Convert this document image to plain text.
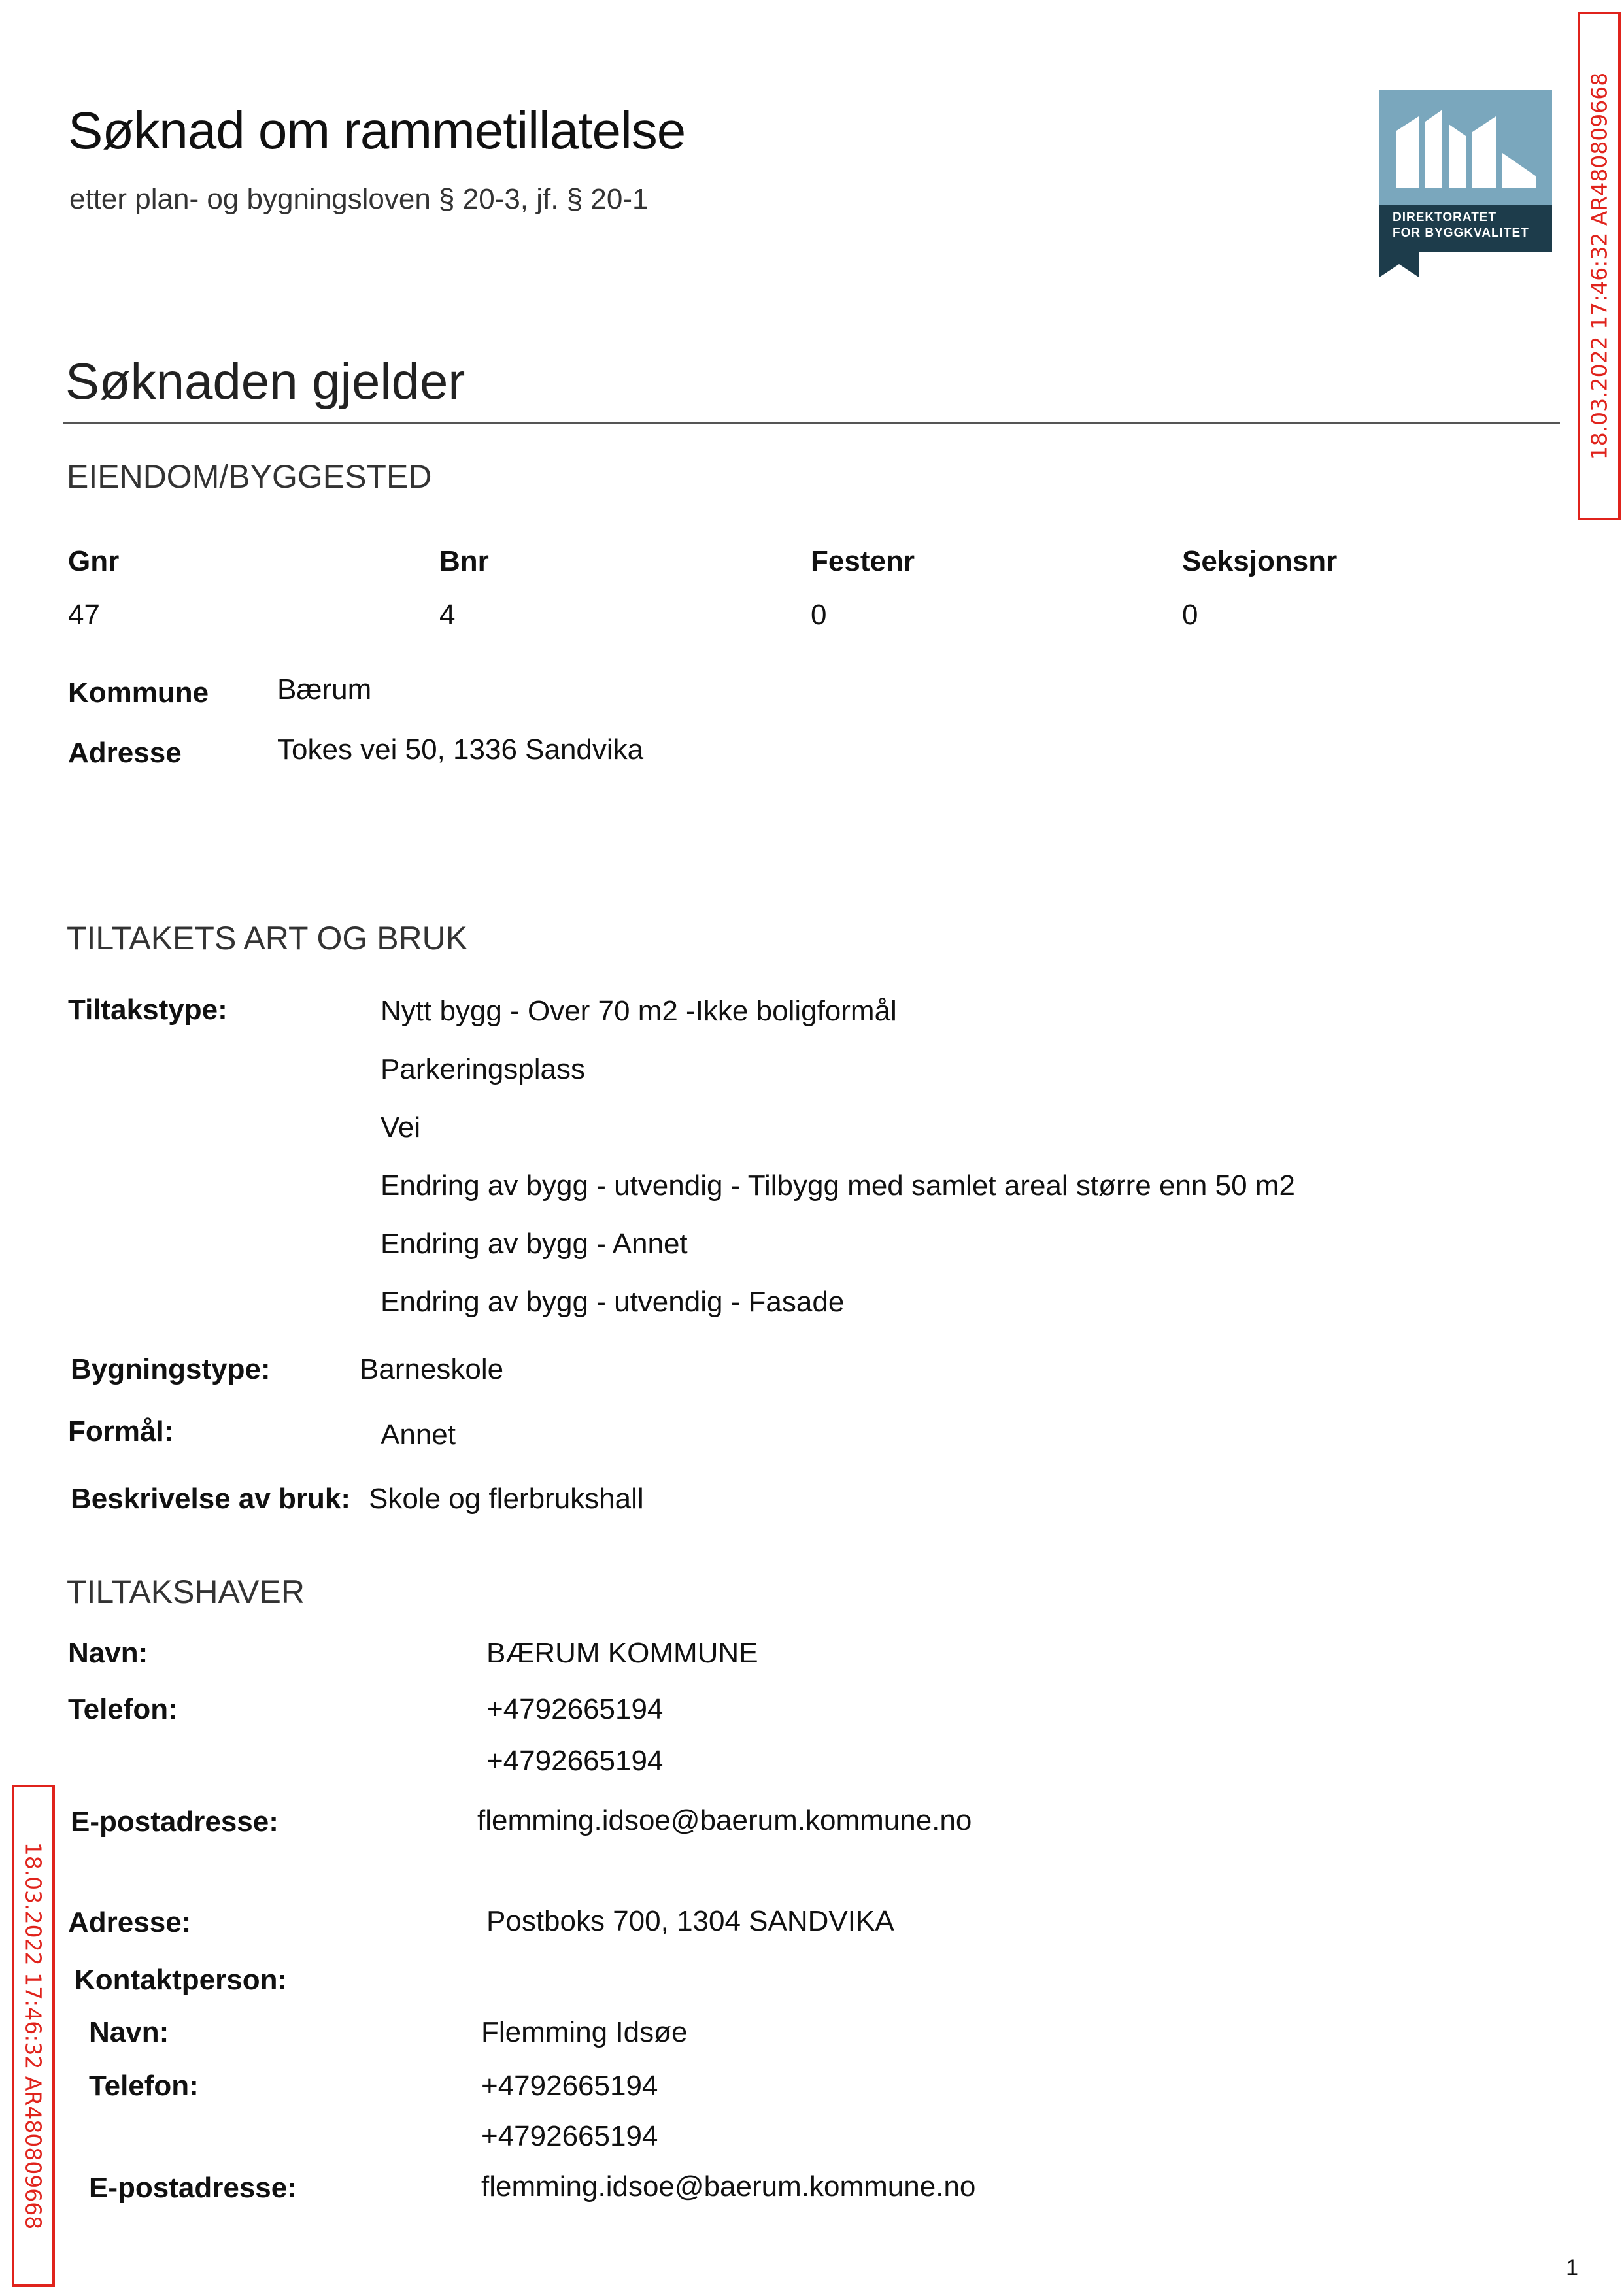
Søknad om rammetillatelse
etter plan- og bygningsloven § 20-3, jf. § 20-1
DIREKTORATET
FOR BYGGKVALITET	18.03.2022 17:46:32 AR480809668
18.03.2022 17:46:32 AR480809668
Søknaden gjelder
EIENDOM/BYGGESTED
Gnr	Bnr	Festenr	Seksjonsnr
47	4	0	0
Kommune Bærum
Adresse	Tokes vei 50, 1336 Sandvika
TILTAKETS ART OG BRUK
Tiltakstype:	Nytt bygg - Over 70 m2 -Ikke boligformål
Parkeringsplass
Vei
Endring av bygg - utvendig - Tilbygg med samlet areal større enn 50 m2
Endring av bygg - Annet
Endring av bygg - utvendig - Fasade
Bygningstype:	Barneskole
Formål:	Annet
Beskrivelse av bruk: Skole og flerbrukshall
TILTAKSHAVER
Navn:	BÆRUM KOMMUNE
Telefon:	+4792665194
+4792665194
E-postadresse:	flemming.idsoe@baerum.kommune.no
Adresse:	Postboks 700, 1304 SANDVIKA
Kontaktperson:
Navn:	Flemming Idsøe
Telefon:	+4792665194
+4792665194
E-postadresse:	flemming.idsoe@baerum.kommune.no
1
